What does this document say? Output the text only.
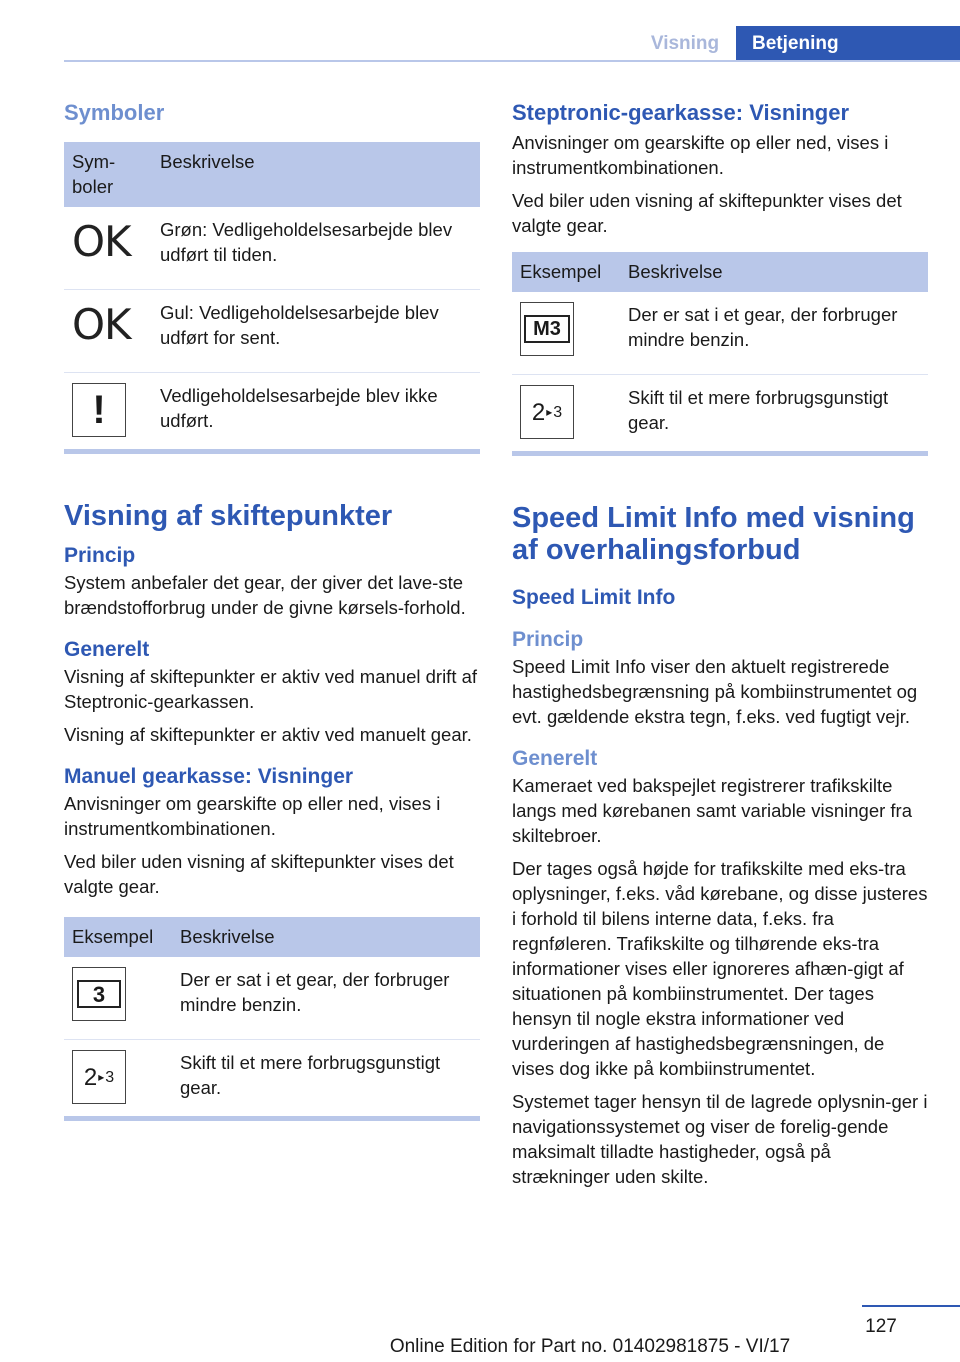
Visning	Betjening
Symboler
Sym-
boler	Beskrivelse

OK	Grøn: Vedligeholdelsesarbejde blev udført til tiden.

OK	Gul: Vedligeholdelsesarbejde blev udført for sent.

!	Vedligeholdelsesarbejde blev ikke udført.
Visning af skiftepunkter
Princip

System anbefaler det gear, der giver det lave-ste brændstofforbrug under de givne kørsels-forhold.

Generelt

Visning af skiftepunkter er aktiv ved manuel drift af Steptronic-gearkassen.

Visning af skiftepunkter er aktiv ved manuelt gear.

Manuel gearkasse: Visninger

Anvisninger om gearskifte op eller ned, vises i instrumentkombinationen.

Ved biler uden visning af skiftepunkter vises det valgte gear.

Eksempel	Beskrivelse

3	Der er sat i et gear, der forbruger mindre benzin.

2 ▸ 3	Skift til et mere forbrugsgunstigt gear.
Steptronic-gearkasse: Visninger

Anvisninger om gearskifte op eller ned, vises i instrumentkombinationen.

Ved biler uden visning af skiftepunkter vises det valgte gear.

Eksempel	Beskrivelse

M3	Der er sat i et gear, der forbruger mindre benzin.

2 ▸ 3	Skift til et mere forbrugsgunstigt gear.
Speed Limit Info med visning af overhalingsforbud
Speed Limit Info
Princip

Speed Limit Info viser den aktuelt registrerede hastighedsbegrænsning på kombiinstrumentet og evt. gældende ekstra tegn, f.eks. ved fugtigt vejr.

Generelt

Kameraet ved bakspejlet registrerer trafikskilte langs med kørebanen samt variable visninger fra skiltebroer.

Der tages også højde for trafikskilte med eks-tra oplysninger, f.eks. våd kørebane, og disse justeres i forhold til bilens interne data, f.eks. fra regnføleren. Trafikskilte og tilhørende eks-tra informationer vises eller ignoreres afhæn-gigt af situationen på kombiinstrumentet. Der tages hensyn til nogle ekstra informationer ved vurderingen af hastighedsbegrænsningen, de vises dog ikke på kombiinstrumentet.

Systemet tager hensyn til de lagrede oplysnin-ger i navigationssystemet og viser de forelig-gende maksimalt tilladte hastigheder, også på strækninger uden skilte.

127
Online Edition for Part no. 01402981875 - VI/17
